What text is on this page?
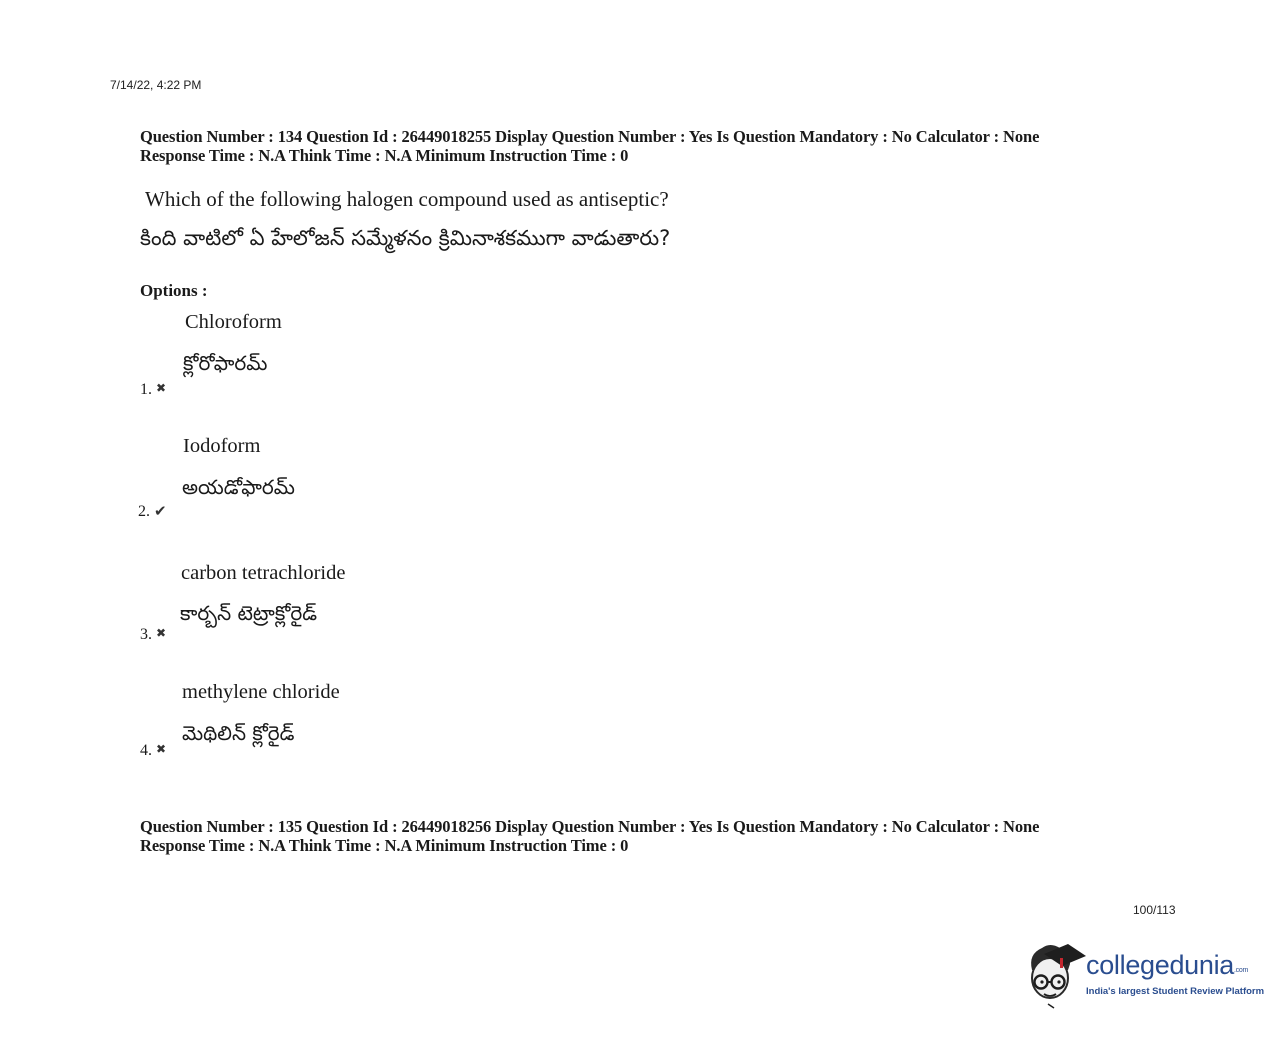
7/14/22, 4:22 PM
Question Number : 134 Question Id : 26449018255 Display Question Number : Yes Is Question Mandatory : No Calculator : None
Response Time : N.A Think Time : N.A Minimum Instruction Time : 0
Which of the following halogen compound used as antiseptic?
కింది వాటిలో ఏ హేలోజన్ సమ్మేళనం క్రిమినాశకముగా వాడుతారు?
Options :
Chloroform
క్లోరోఫారమ్
1. ✖
Iodoform
అయడోఫారమ్
2. ✔
carbon tetrachloride
కార్బన్ టెట్రాక్లోరైడ్
3. ✖
methylene chloride
మెథిలిన్ క్లోరైడ్
4. ✖
Question Number : 135 Question Id : 26449018256 Display Question Number : Yes Is Question Mandatory : No Calculator : None
Response Time : N.A Think Time : N.A Minimum Instruction Time : 0
100/113
collegedunia.com
India's largest Student Review Platform
